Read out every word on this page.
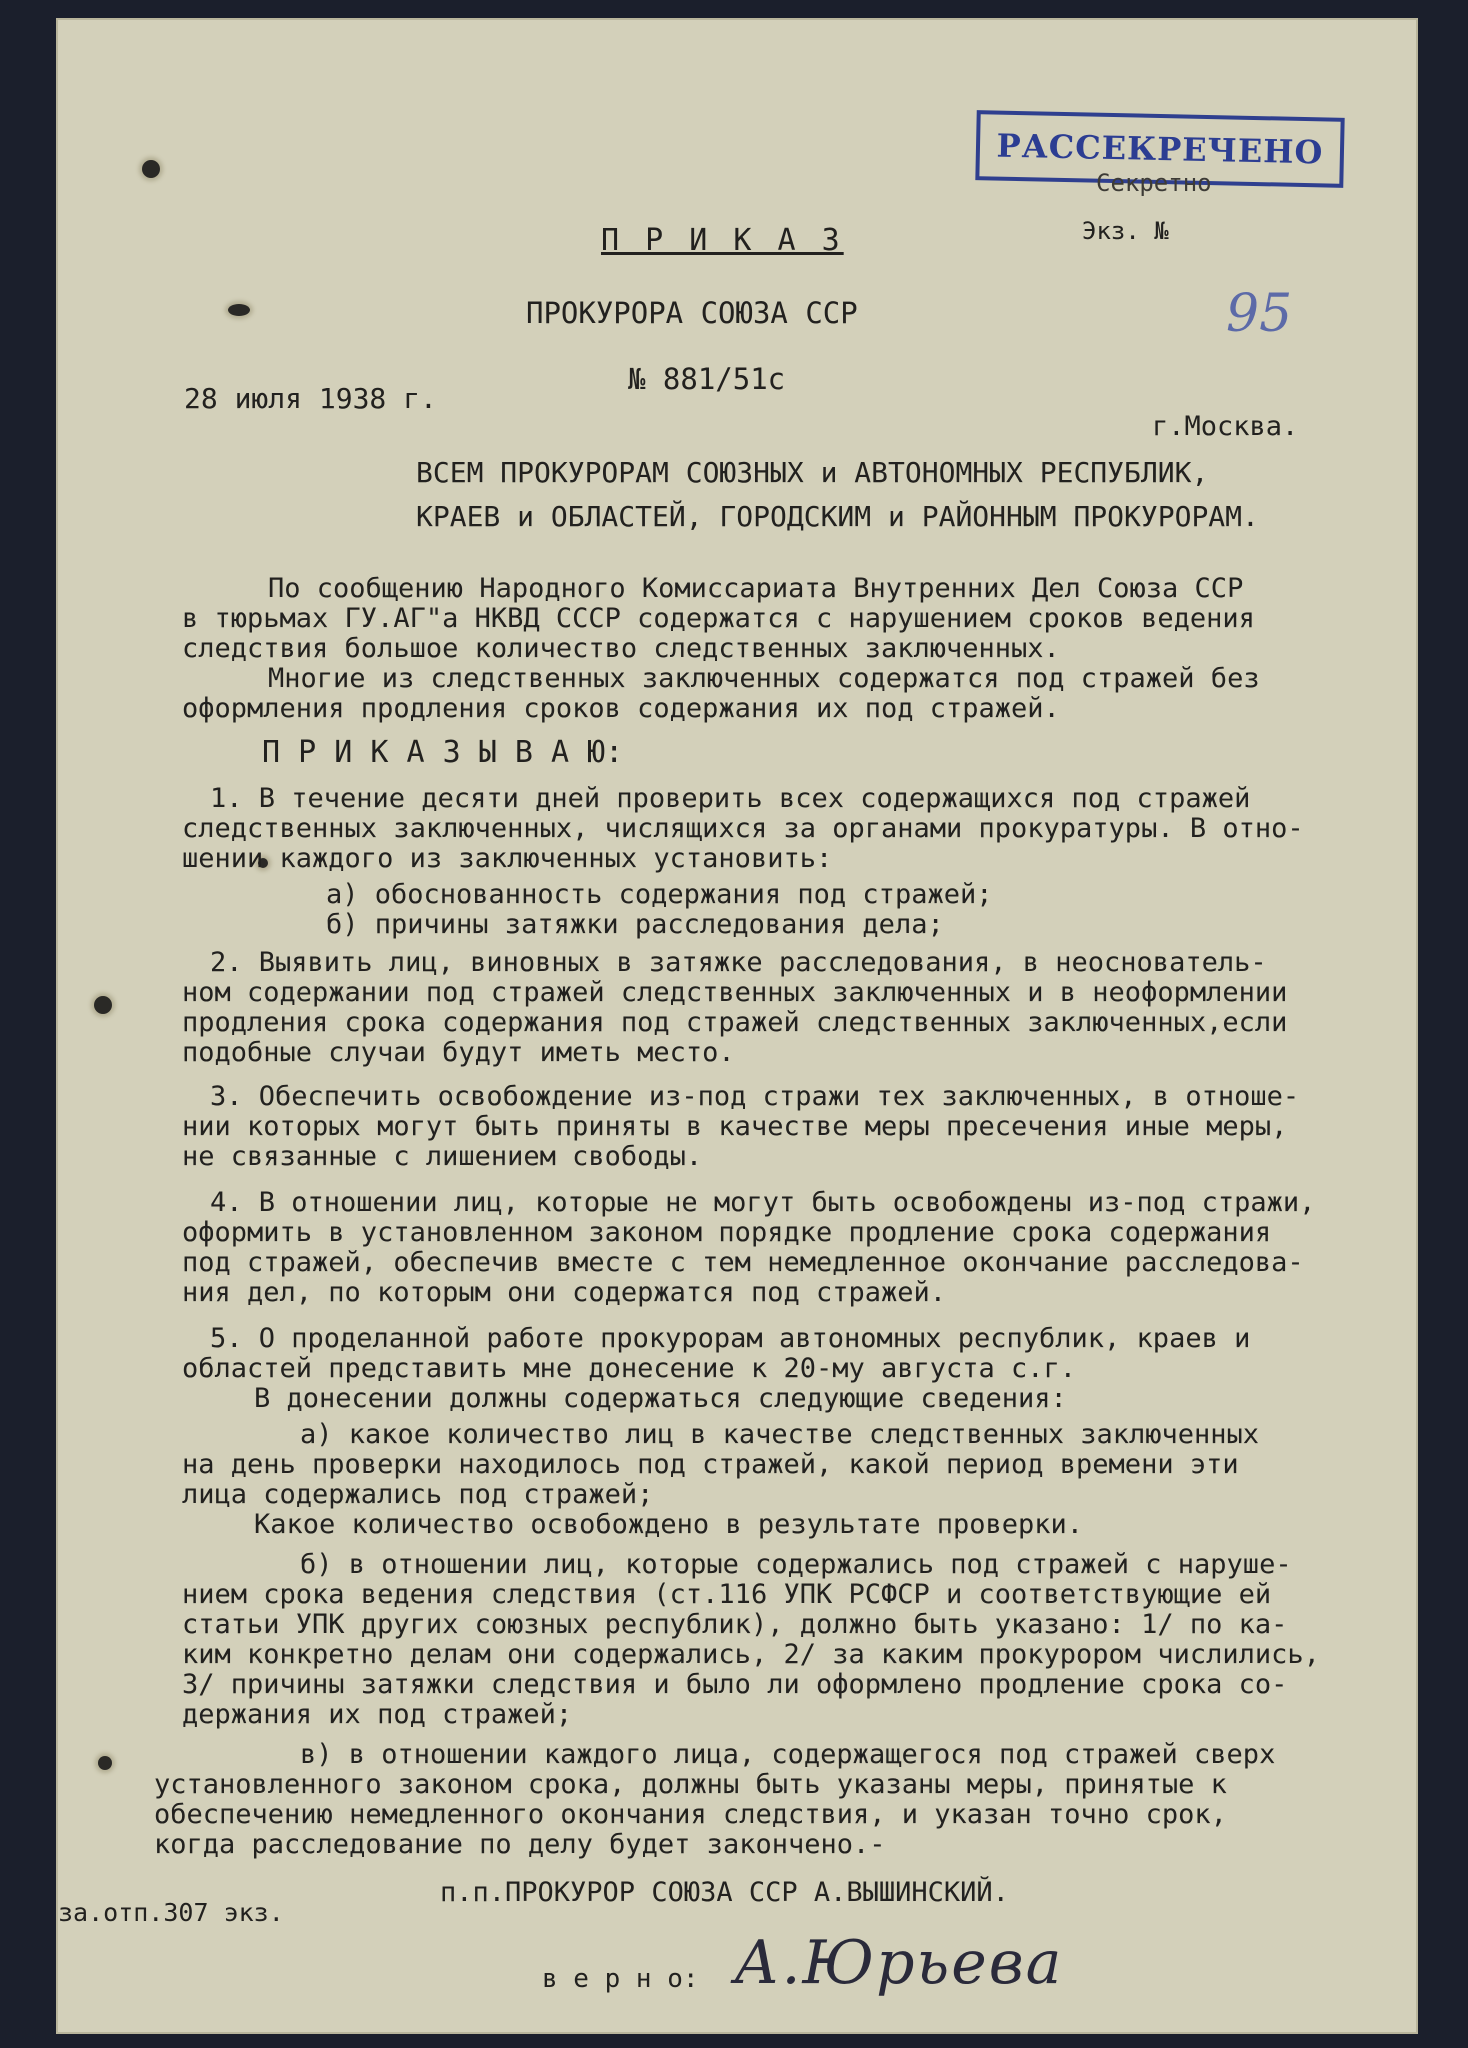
РАССЕКРЕЧЕНО
Секретно
Экз. №
95
П Р И К А З
ПРОКУРОРА СОЮЗА ССР
№ 881/51с
28 июля 1938 г.
г.Москва.
ВСЕМ ПРОКУРОРАМ СОЮЗНЫХ и АВТОНОМНЫХ РЕСПУБЛИК,
КРАЕВ и ОБЛАСТЕЙ, ГОРОДСКИМ и РАЙОННЫМ ПРОКУРОРАМ.
По сообщению Народного Комиссариата Внутренних Дел Союза ССР
в тюрьмах ГУ.АГ"а НКВД СССР содержатся с нарушением сроков ведения
следствия большое количество следственных заключенных.
Многие из следственных заключенных содержатся под стражей без
оформления продления сроков содержания их под стражей.
П Р И К А З Ы В А Ю:
1. В течение десяти дней проверить всех содержащихся под стражей
следственных заключенных, числящихся за органами прокуратуры. В отно-
шении каждого из заключенных установить:
а) обоснованность содержания под стражей;
б) причины затяжки расследования дела;
2. Выявить лиц, виновных в затяжке расследования, в неоснователь-
ном содержании под стражей следственных заключенных и в неоформлении
продления срока содержания под стражей следственных заключенных,если
подобные случаи будут иметь место.
3. Обеспечить освобождение из-под стражи тех заключенных, в отноше-
нии которых могут быть приняты в качестве меры пресечения иные меры,
не связанные с лишением свободы.
4. В отношении лиц, которые не могут быть освобождены из-под стражи,
оформить в установленном законом порядке продление срока содержания
под стражей, обеспечив вместе с тем немедленное окончание расследова-
ния дел, по которым они содержатся под стражей.
5. О проделанной работе прокурорам автономных республик, краев и
областей представить мне донесение к 20-му августа с.г.
В донесении должны содержаться следующие сведения:
а) какое количество лиц в качестве следственных заключенных
на день проверки находилось под стражей, какой период времени эти
лица содержались под стражей;
Какое количество освобождено в результате проверки.
б) в отношении лиц, которые содержались под стражей с наруше-
нием срока ведения следствия (ст.116 УПК РСФСР и соответствующие ей
статьи УПК других союзных республик), должно быть указано: 1/ по ка-
ким конкретно делам они содержались, 2/ за каким прокурором числились,
3/ причины затяжки следствия и было ли оформлено продление срока со-
держания их под стражей;
в) в отношении каждого лица, содержащегося под стражей сверх
установленного законом срока, должны быть указаны меры, принятые к
обеспечению немедленного окончания следствия, и указан точно срок,
когда расследование по делу будет закончено.-
п.п.ПРОКУРОР СОЮЗА ССР А.ВЫШИНСКИЙ.
за.отп.307 экз.
в е р н о: А.Юрьева
